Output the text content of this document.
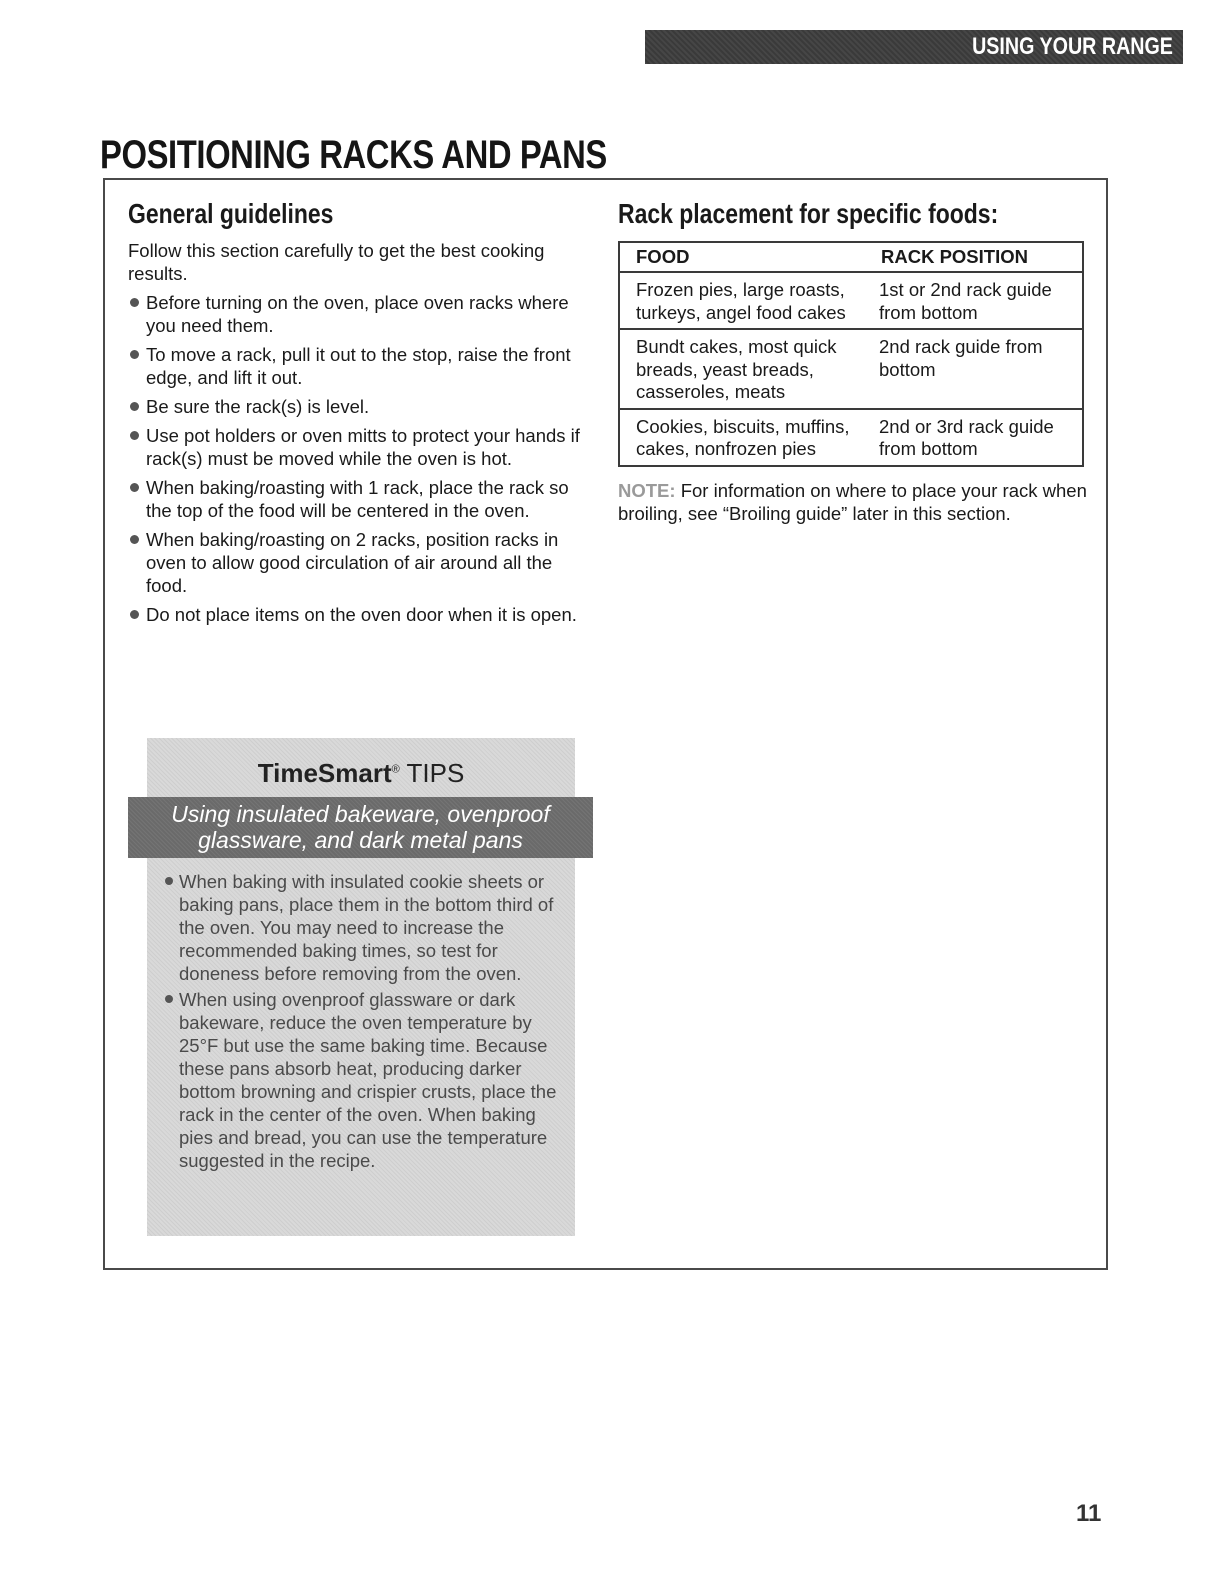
USING YOUR RANGE
POSITIONING RACKS AND PANS
General guidelines

Follow this section carefully to get the best cooking results.

Before turning on the oven, place oven racks where you need them.
To move a rack, pull it out to the stop, raise the front edge, and lift it out.
Be sure the rack(s) is level.
Use pot holders or oven mitts to protect your hands if rack(s) must be moved while the oven is hot.
When baking/roasting with 1 rack, place the rack so the top of the food will be centered in the oven.
When baking/roasting on 2 racks, position racks in oven to allow good circulation of air around all the food.
Do not place items on the oven door when it is open.
Rack placement for specific foods:
FOOD	RACK POSITION
Frozen pies, large roasts, turkeys, angel food cakes	1st or 2nd rack guide from bottom
Bundt cakes, most quick breads, yeast breads, casseroles, meats	2nd rack guide from bottom
Cookies, biscuits, muffins, cakes, nonfrozen pies	2nd or 3rd rack guide from bottom

NOTE: For information on where to place your rack when broiling, see “Broiling guide” later in this section.

TimeSmart® TIPS
Using insulated bakeware, ovenproof glassware, and dark metal pans
When baking with insulated cookie sheets or baking pans, place them in the bottom third of the oven. You may need to increase the recommended baking times, so test for doneness before removing from the oven.
When using ovenproof glassware or dark bakeware, reduce the oven temperature by 25°F but use the same baking time. Because these pans absorb heat, producing darker bottom browning and crispier crusts, place the rack in the center of the oven. When baking pies and bread, you can use the temperature suggested in the recipe.
11
